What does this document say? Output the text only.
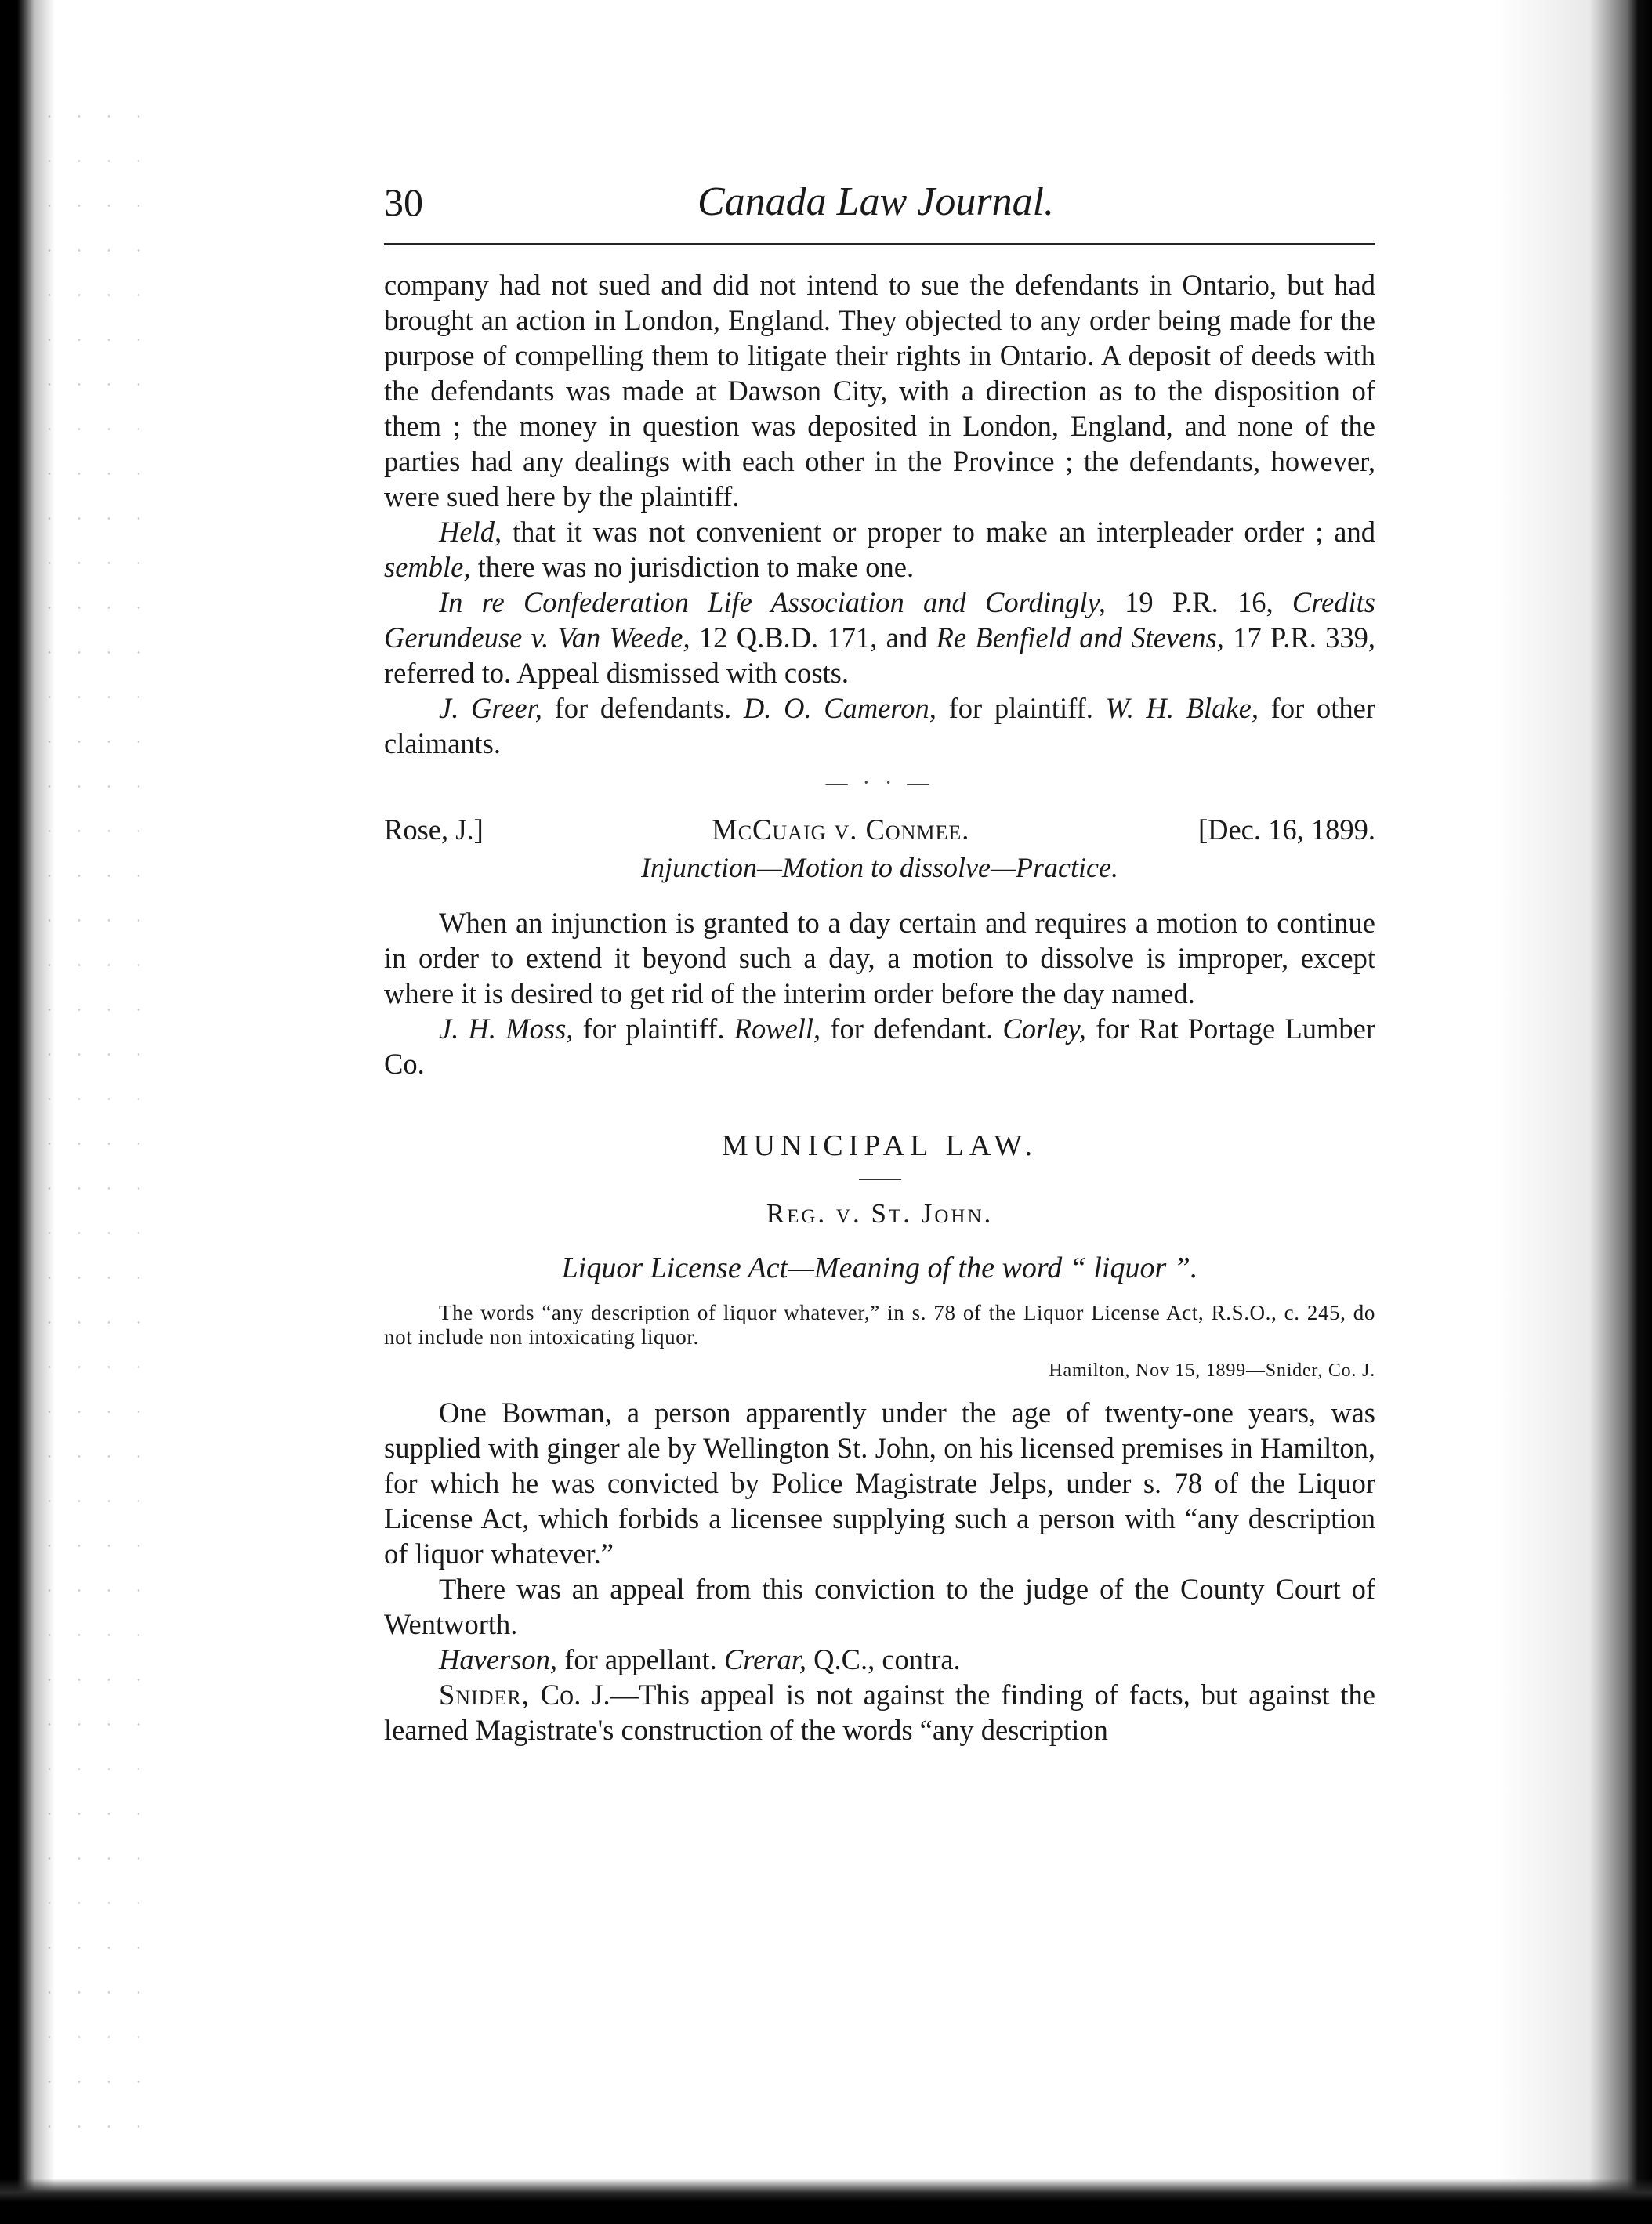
30	Canada Law Journal.

company had not sued and did not intend to sue the defendants in Ontario, but had brought an action in London, England. They objected to any order being made for the purpose of compelling them to litigate their rights in Ontario. A deposit of deeds with the defendants was made at Dawson City, with a direction as to the disposition of them ; the money in question was deposited in London, England, and none of the parties had any dealings with each other in the Province ; the defendants, however, were sued here by the plaintiff.

Held, that it was not convenient or proper to make an interpleader order ; and semble, there was no jurisdiction to make one.

In re Confederation Life Association and Cordingly, 19 P.R. 16, Credits Gerundeuse v. Van Weede, 12 Q.B.D. 171, and Re Benfield and Stevens, 17 P.R. 339, referred to. Appeal dismissed with costs.

J. Greer, for defendants. D. O. Cameron, for plaintiff. W. H. Blake, for other claimants.

— · · —
Rose, J.]	McCuaig v. Conmee.	[Dec. 16, 1899.
Injunction—Motion to dissolve—Practice.

When an injunction is granted to a day certain and requires a motion to continue in order to extend it beyond such a day, a motion to dissolve is improper, except where it is desired to get rid of the interim order before the day named.

J. H. Moss, for plaintiff. Rowell, for defendant. Corley, for Rat Portage Lumber Co.

MUNICIPAL LAW.
Reg. v. St. John.
Liquor License Act—Meaning of the word “ liquor ”.

The words “any description of liquor whatever,” in s. 78 of the Liquor License Act, R.S.O., c. 245, do not include non intoxicating liquor.

Hamilton, Nov 15, 1899—Snider, Co. J.

One Bowman, a person apparently under the age of twenty-one years, was supplied with ginger ale by Wellington St. John, on his licensed premises in Hamilton, for which he was convicted by Police Magistrate Jelps, under s. 78 of the Liquor License Act, which forbids a licensee supplying such a person with “any description of liquor whatever.”

There was an appeal from this conviction to the judge of the County Court of Wentworth.

Haverson, for appellant. Crerar, Q.C., contra.

Snider, Co. J.—This appeal is not against the finding of facts, but against the learned Magistrate's construction of the words “any description
